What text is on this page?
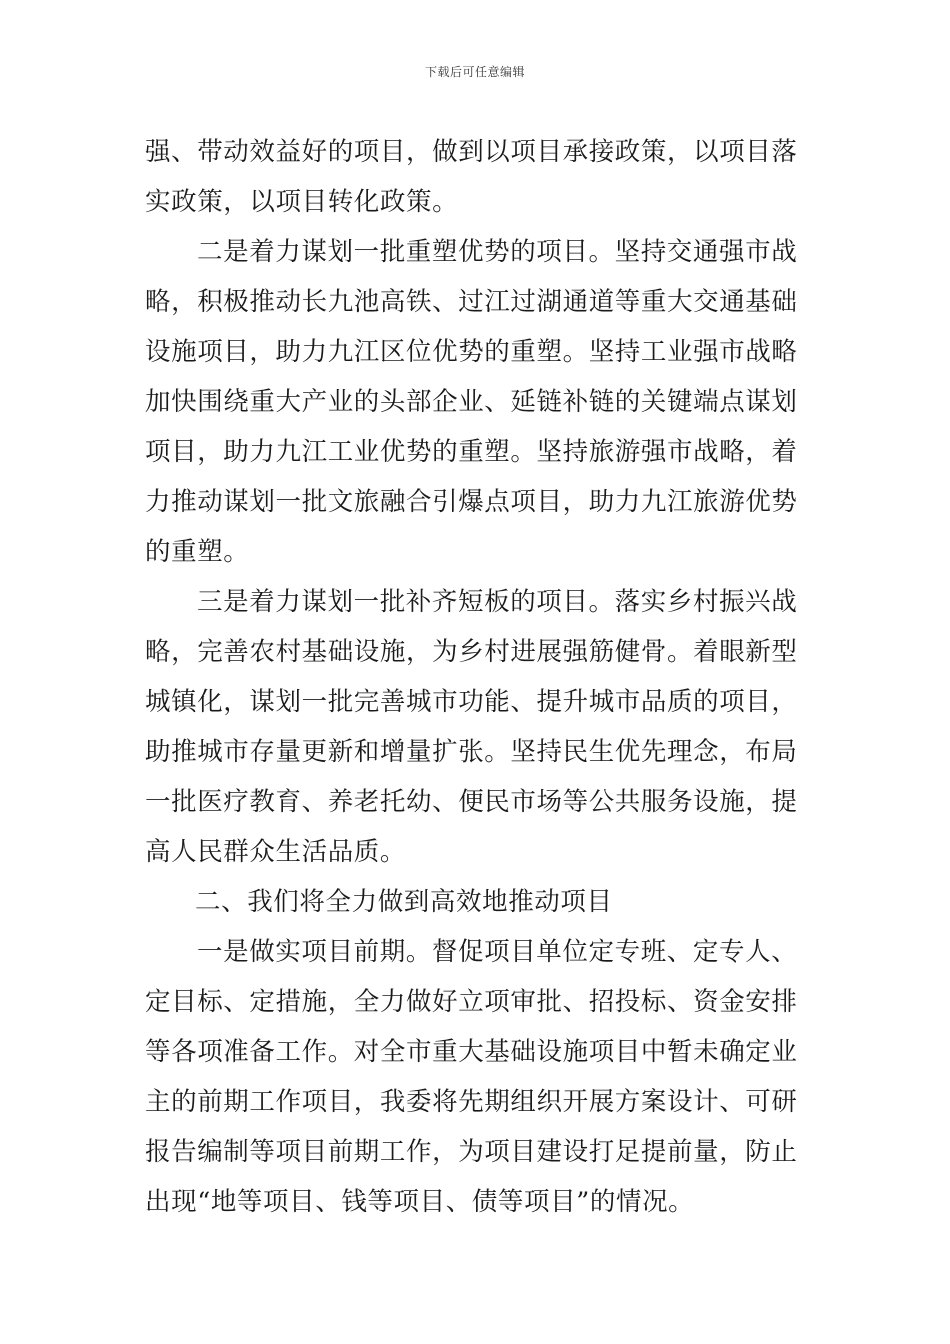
下载后可任意编辑
强、带动效益好的项目，做到以项目承接政策，以项目落
实政策，以项目转化政策。
二是着力谋划一批重塑优势的项目。坚持交通强市战
略，积极推动长九池高铁、过江过湖通道等重大交通基础
设施项目，助力九江区位优势的重塑。坚持工业强市战略
加快围绕重大产业的头部企业、延链补链的关键端点谋划
项目，助力九江工业优势的重塑。坚持旅游强市战略，着
力推动谋划一批文旅融合引爆点项目，助力九江旅游优势
的重塑。
三是着力谋划一批补齐短板的项目。落实乡村振兴战
略，完善农村基础设施，为乡村进展强筋健骨。着眼新型
城镇化，谋划一批完善城市功能、提升城市品质的项目，
助推城市存量更新和增量扩张。坚持民生优先理念，布局
一批医疗教育、养老托幼、便民市场等公共服务设施，提
高人民群众生活品质。
二、我们将全力做到高效地推动项目
一是做实项目前期。督促项目单位定专班、定专人、
定目标、定措施，全力做好立项审批、招投标、资金安排
等各项准备工作。对全市重大基础设施项目中暂未确定业
主的前期工作项目，我委将先期组织开展方案设计、可研
报告编制等项目前期工作，为项目建设打足提前量，防止
出现“地等项目、钱等项目、债等项目”的情况。
